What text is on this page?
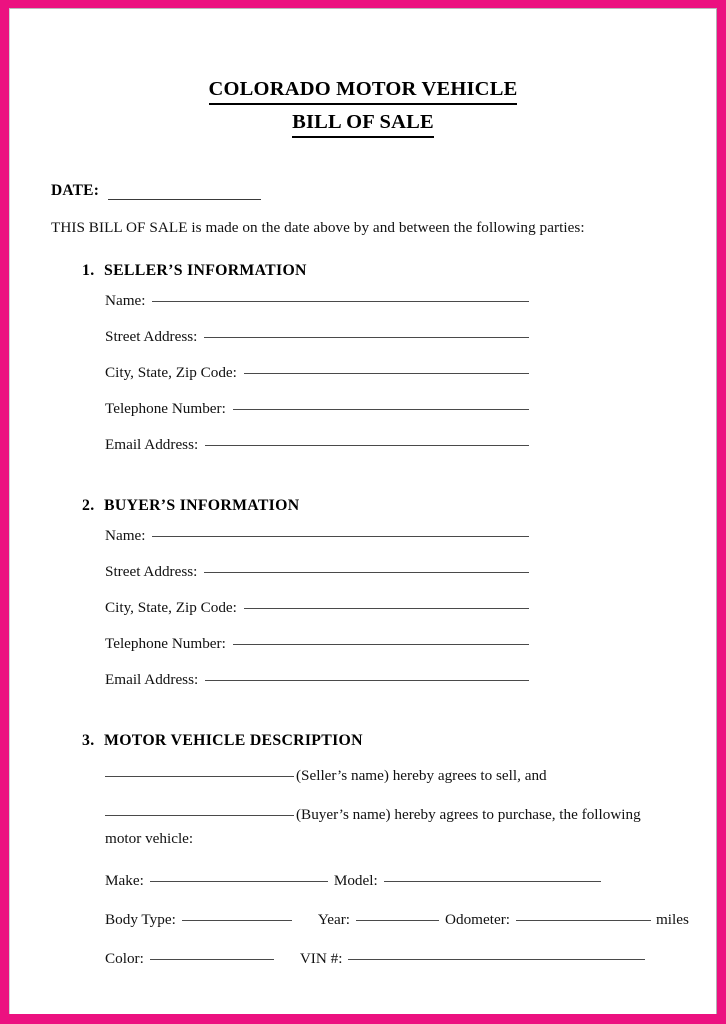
COLORADO MOTOR VEHICLE
BILL OF SALE
DATE:
THIS BILL OF SALE is made on the date above by and between the following parties:
1. SELLER’S INFORMATION
Name:
Street Address:
City, State, Zip Code:
Telephone Number:
Email Address:
2. BUYER’S INFORMATION
Name:
Street Address:
City, State, Zip Code:
Telephone Number:
Email Address:
3. MOTOR VEHICLE DESCRIPTION
(Seller’s name) hereby agrees to sell, and
(Buyer’s name) hereby agrees to purchase, the following
motor vehicle:
Make:	Model:
Body Type:	Year:	Odometer:	miles
Color:	VIN #:
